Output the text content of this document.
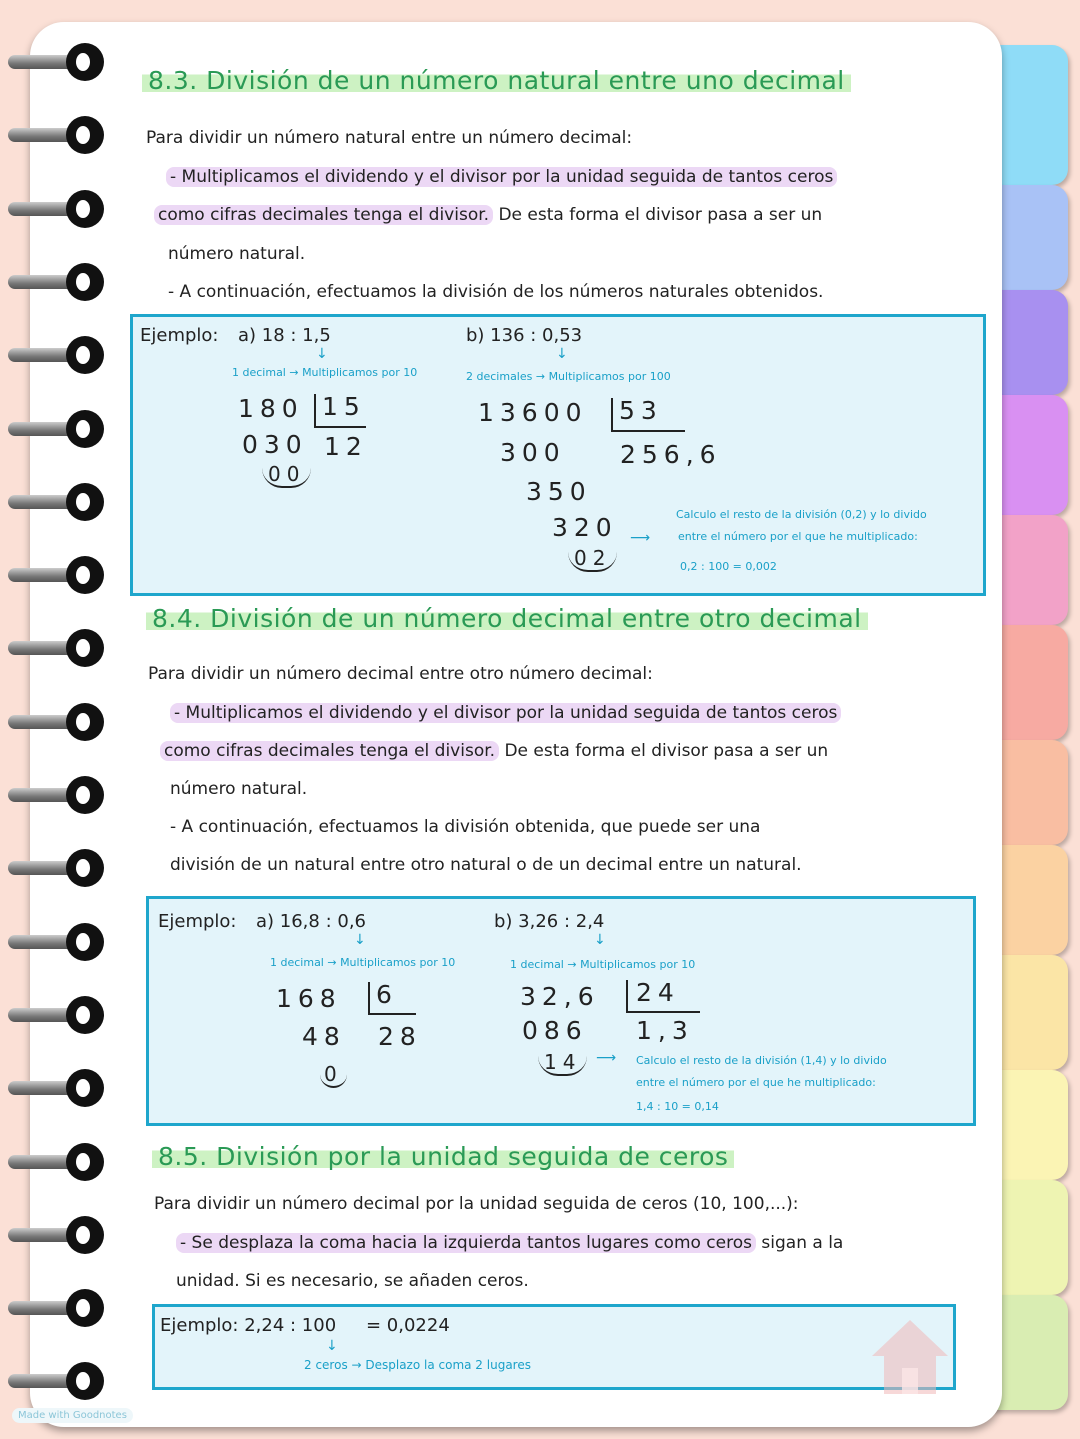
8.3. División de un número natural entre uno decimal
Para dividir un número natural entre un número decimal:
- Multiplicamos el dividendo y el divisor por la unidad seguida de tantos ceros
como cifras decimales tenga el divisor. De esta forma el divisor pasa a ser un
número natural.
- A continuación, efectuamos la división de los números naturales obtenidos.
Ejemplo: a) 18 : 1,5
↓
1 decimal → Multiplicamos por 10
180 15
030 12
00
b) 136 : 0,53
↓
2 decimales → Multiplicamos por 100
13600 53
300 256,6
350
320
02
⟶
Calculo el resto de la división (0,2) y lo divido
entre el número por el que he multiplicado:
0,2 : 100 = 0,002
8.4. División de un número decimal entre otro decimal
Para dividir un número decimal entre otro número decimal:
- Multiplicamos el dividendo y el divisor por la unidad seguida de tantos ceros
como cifras decimales tenga el divisor. De esta forma el divisor pasa a ser un
número natural.
- A continuación, efectuamos la división obtenida, que puede ser una
división de un natural entre otro natural o de un decimal entre un natural.
Ejemplo: a) 16,8 : 0,6
↓
1 decimal → Multiplicamos por 10
168 6
48 28
0
b) 3,26 : 2,4
↓
1 decimal → Multiplicamos por 10
32,6 24
086 1,3
14	⟶ Calculo el resto de la división (1,4) y lo divido
entre el número por el que he multiplicado:
1,4 : 10 = 0,14
8.5. División por la unidad seguida de ceros
Para dividir un número decimal por la unidad seguida de ceros (10, 100,...):
- Se desplaza la coma hacia la izquierda tantos lugares como ceros sigan a la
unidad. Si es necesario, se añaden ceros.
Ejemplo: 2,24 : 100 = 0,0224
↓
2 ceros → Desplazo la coma 2 lugares
Made with Goodnotes
